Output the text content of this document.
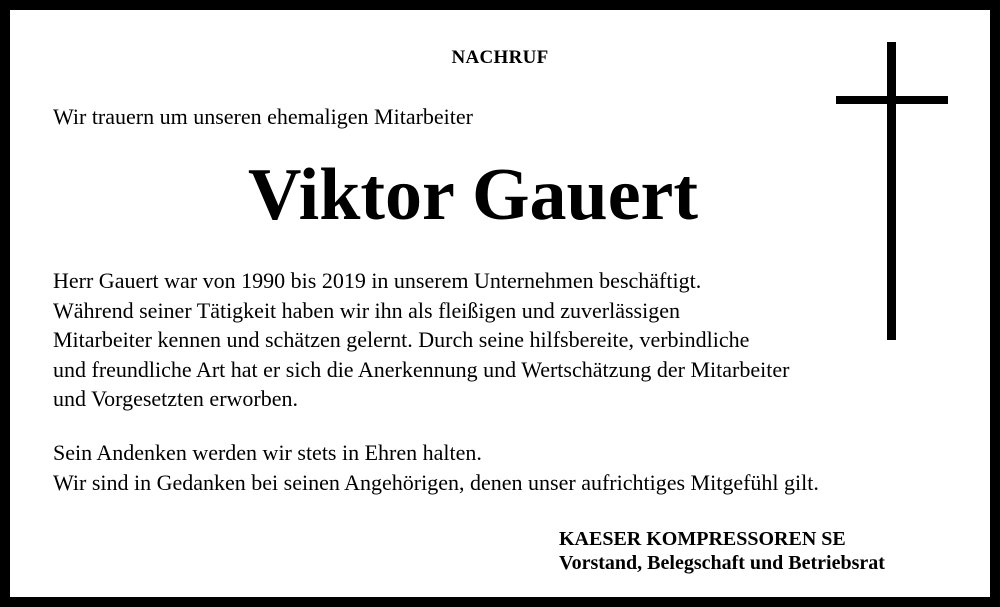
NACHRUF
Wir trauern um unseren ehemaligen Mitarbeiter
Viktor Gauert
Herr Gauert war von 1990 bis 2019 in unserem Unternehmen beschäftigt.
Während seiner Tätigkeit haben wir ihn als fleißigen und zuverlässigen
Mitarbeiter kennen und schätzen gelernt. Durch seine hilfsbereite, verbindliche
und freundliche Art hat er sich die Anerkennung und Wertschätzung der Mitarbeiter
und Vorgesetzten erworben.
Sein Andenken werden wir stets in Ehren halten.
Wir sind in Gedanken bei seinen Angehörigen, denen unser aufrichtiges Mitgefühl gilt.
KAESER KOMPRESSOREN SE
Vorstand, Belegschaft und Betriebsrat
